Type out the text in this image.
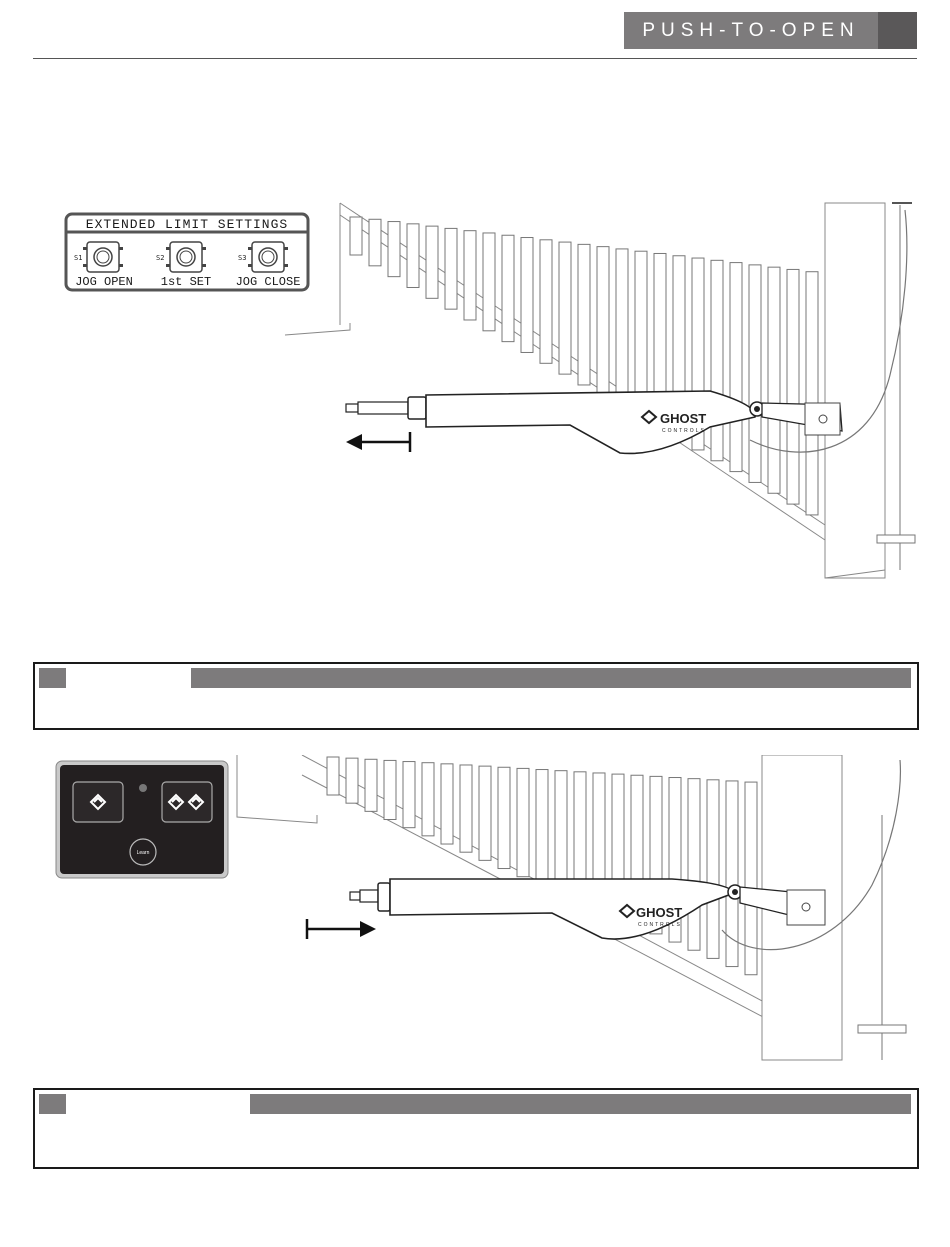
PUSH-TO-OPEN
EXTENDED LIMIT SETTINGS
S1
JOG OPEN
S2
1st SET
S3
JOG CLOSE
GHOST
CONTROLS
Learn
GHOST
CONTROLS
